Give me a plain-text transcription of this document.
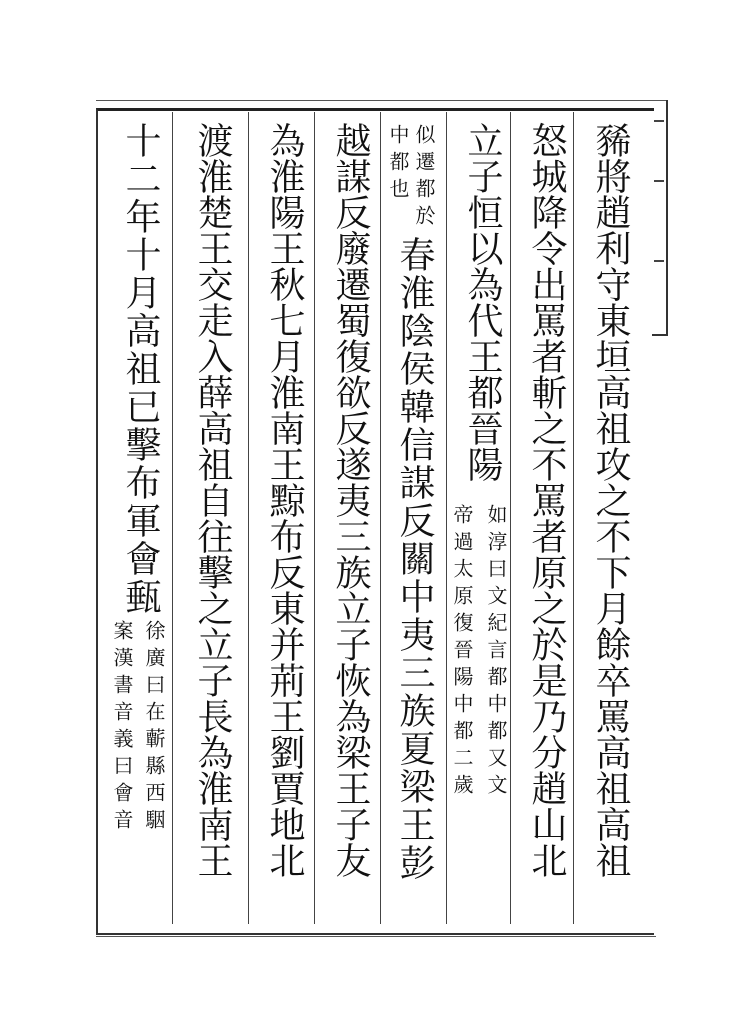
豨將趙利守東垣高祖攻之不下月餘卒罵高祖高祖
怒城降令出罵者斬之不罵者原之於是乃分趙山北
立子恒以為代王都晉陽
如淳曰文紀言都中都又文
帝過太原復晉陽中都二歲
似遷都於
中都也
春淮陰侯韓信謀反關中夷三族夏梁王彭
越謀反廢遷蜀復欲反遂夷三族立子恢為梁王子友
為淮陽王秋七月淮南王黥布反東并荊王劉賈地北
渡淮楚王交走入薛高祖自往擊之立子長為淮南王
十二年十月高祖已擊布軍會甀
徐廣曰在蘄縣西駰
案漢書音義曰會音
